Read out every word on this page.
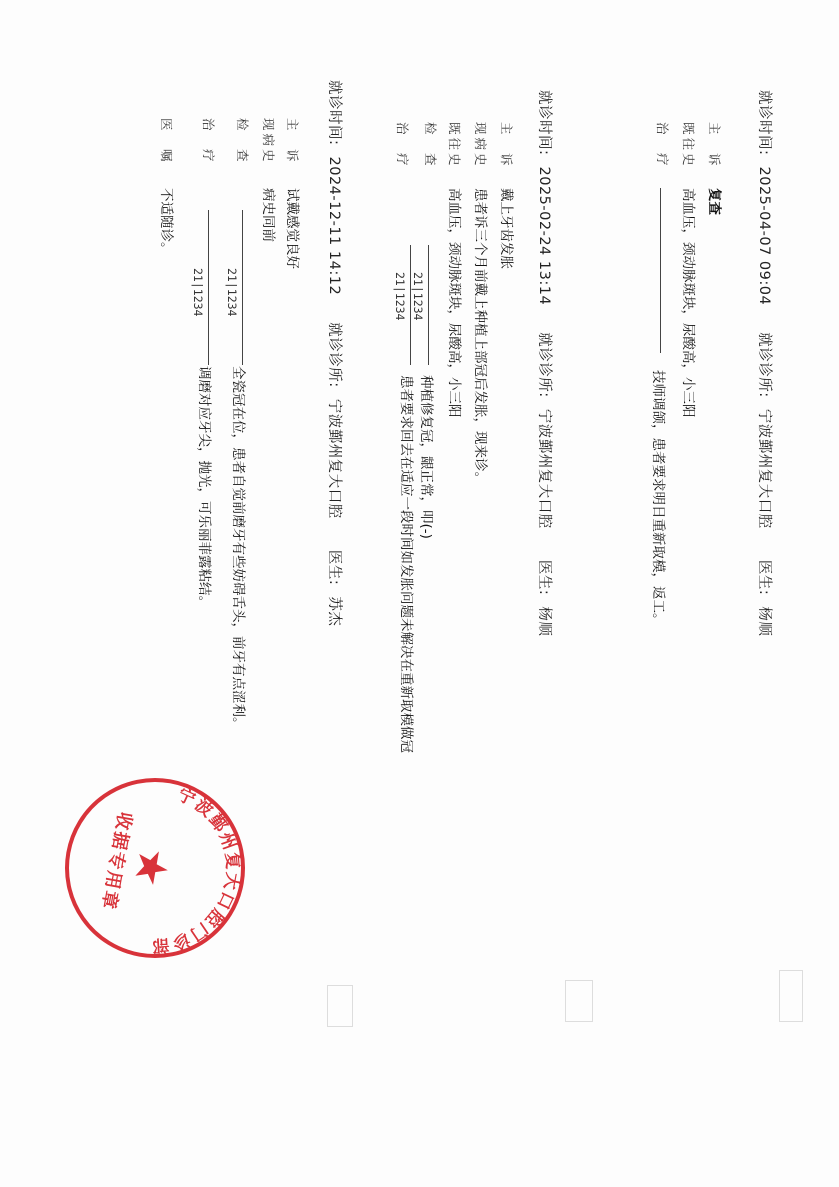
就诊时间: 2025-04-07 09:04 就诊诊所: 宁波鄞州复大口腔 医生: 杨顺
主　诉
复查
既往史
高血压，颈动脉斑块，尿酸高，小三阳
治　疗
技师调颌，患者要求明日重新取模，返工。
就诊时间: 2025-02-24 13:14 就诊诊所: 宁波鄞州复大口腔 医生: 杨顺
主　诉
戴上牙齿发胀
现病史
患者诉三个月前戴上种植上部冠后发胀，现来诊。
既往史
高血压，颈动脉斑块，尿酸高，小三阳
检　查
21|1234
种植修复冠，龈正常，叩(-)
治　疗
21|1234
患者要求回去在适应一段时间如发胀问题未解决在重新取模做冠
就诊时间: 2024-12-11 14:12 就诊诊所: 宁波鄞州复大口腔 医生: 苏杰
主　诉
试戴感觉良好
现病史
病史同前
检　查
21|1234
全瓷冠在位，患者自觉前磨牙有些妨碍舌头，前牙有点涩利。
治　疗
21|1234
调磨对应牙尖，抛光，可乐丽菲露粘结。
医　嘱
不适随诊。
宁波鄞州复大口腔门诊部
收据专用章
